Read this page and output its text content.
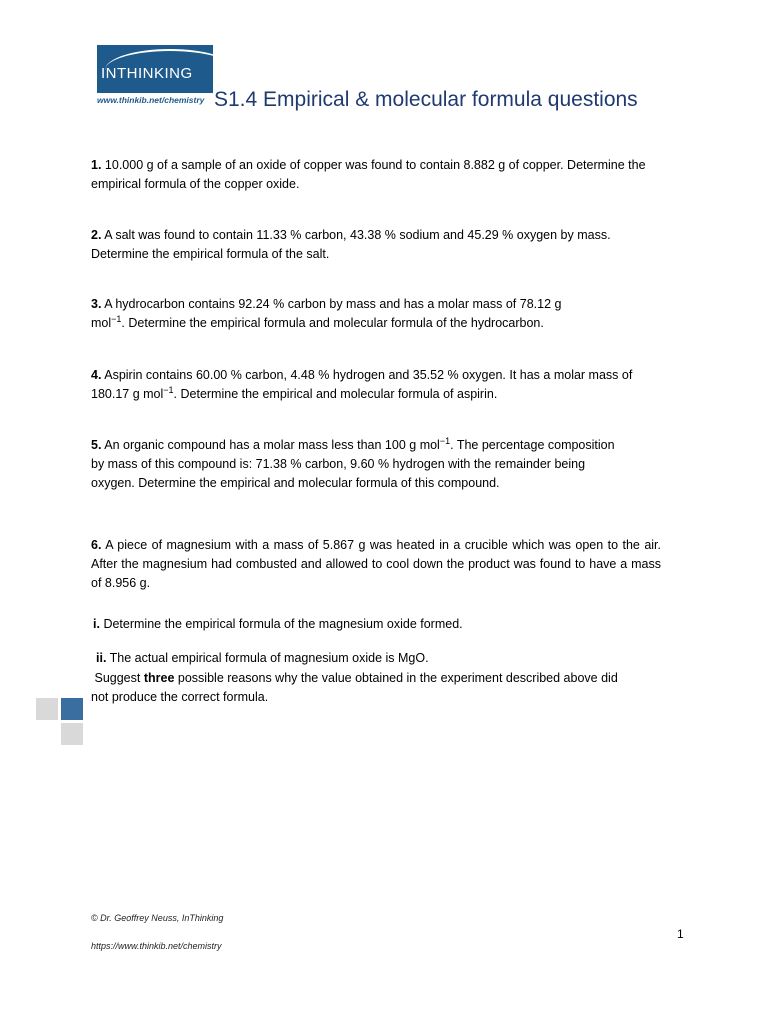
INTHINKING
www.thinkib.net/chemistry S1.4 Empirical & molecular formula questions
1. 10.000 g of a sample of an oxide of copper was found to contain 8.882 g of copper. Determine the empirical formula of the copper oxide.
2. A salt was found to contain 11.33 % carbon, 43.38 % sodium and 45.29 % oxygen by mass. Determine the empirical formula of the salt.
3. A hydrocarbon contains 92.24 % carbon by mass and has a molar mass of 78.12 g
mol$^{-1}$. Determine the empirical formula and molecular formula of the hydrocarbon.
4. Aspirin contains 60.00 % carbon, 4.48 % hydrogen and 35.52 % oxygen. It has a molar mass of
180.17 g mol$^{-1}$. Determine the empirical and molecular formula of aspirin.
5. An organic compound has a molar mass less than 100 g mol$^{-1}$. The percentage composition
by mass of this compound is: 71.38 % carbon, 9.60 % hydrogen with the remainder being
oxygen. Determine the empirical and molecular formula of this compound.
6. A piece of magnesium with a mass of 5.867 g was heated in a crucible which was open to the air. After the magnesium had combusted and allowed to cool down the product was found to have a mass of 8.956 g.
i. Determine the empirical formula of the magnesium oxide formed.
ii. The actual empirical formula of magnesium oxide is MgO.
Suggest three possible reasons why the value obtained in the experiment described above did
not produce the correct formula.
© Dr. Geoffrey Neuss, InThinking
https://www.thinkib.net/chemistry
1
